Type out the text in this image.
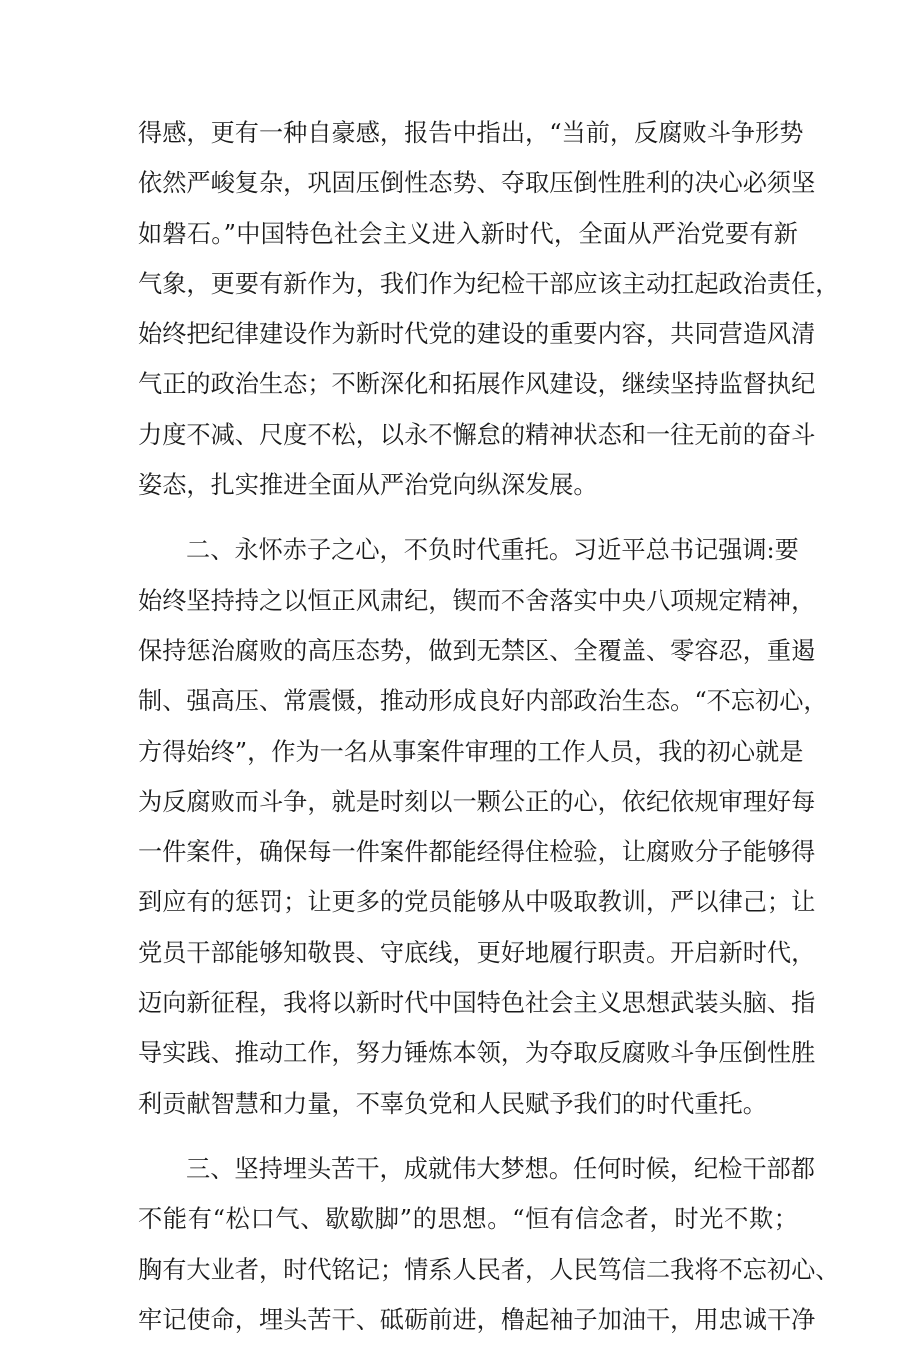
得感，更有一种自豪感，报告中指出，“当前，反腐败斗争形势
依然严峻复杂，巩固压倒性态势、夺取压倒性胜利的决心必须坚
如磐石。”中国特色社会主义进入新时代，全面从严治党要有新
气象，更要有新作为，我们作为纪检干部应该主动扛起政治责任，
始终把纪律建设作为新时代党的建设的重要内容，共同营造风清
气正的政治生态；不断深化和拓展作风建设，继续坚持监督执纪
力度不减、尺度不松，以永不懈怠的精神状态和一往无前的奋斗
姿态，扎实推进全面从严治党向纵深发展。
二、永怀赤子之心，不负时代重托。习近平总书记强调:要
始终坚持持之以恒正风肃纪，锲而不舍落实中央八项规定精神，
保持惩治腐败的高压态势，做到无禁区、全覆盖、零容忍，重遏
制、强高压、常震慑，推动形成良好内部政治生态。“不忘初心，
方得始终”，作为一名从事案件审理的工作人员，我的初心就是
为反腐败而斗争，就是时刻以一颗公正的心，依纪依规审理好每
一件案件，确保每一件案件都能经得住检验，让腐败分子能够得
到应有的惩罚；让更多的党员能够从中吸取教训，严以律己；让
党员干部能够知敬畏、守底线，更好地履行职责。开启新时代，
迈向新征程，我将以新时代中国特色社会主义思想武装头脑、指
导实践、推动工作，努力锤炼本领，为夺取反腐败斗争压倒性胜
利贡献智慧和力量，不辜负党和人民赋予我们的时代重托。
三、坚持埋头苦干，成就伟大梦想。任何时候，纪检干部都
不能有“松口气、歇歇脚”的思想。“恒有信念者，时光不欺；
胸有大业者，时代铭记；情系人民者，人民笃信二我将不忘初心、
牢记使命，埋头苦干、砥砺前进，橹起袖子加油干，用忠诚干净
